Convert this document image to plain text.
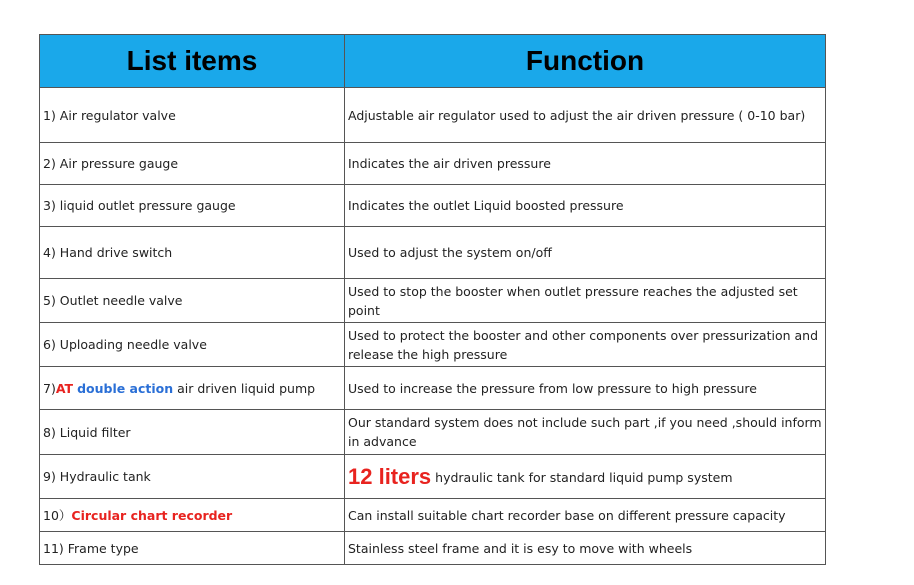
List items	Function
1) Air regulator valve	Adjustable air regulator used to adjust the air driven pressure ( 0-10 bar)
2) Air pressure gauge	Indicates the air driven pressure
3) liquid outlet pressure gauge	Indicates the outlet Liquid boosted pressure
4) Hand drive switch	Used to adjust the system on/off
5) Outlet needle valve	Used to stop the booster when outlet pressure reaches the adjusted set point
6) Uploading needle valve	Used to protect the booster and other components over pressurization and release the high pressure
7)AT double action air driven liquid pump	Used to increase the pressure from low pressure to high pressure
8) Liquid filter	Our standard system does not include such part ,if you need ,should inform in advance
9) Hydraulic tank	12 liters hydraulic tank for standard liquid pump system
10）Circular chart recorder	Can install suitable chart recorder base on different pressure capacity
11) Frame type	Stainless steel frame and it is esy to move with wheels
